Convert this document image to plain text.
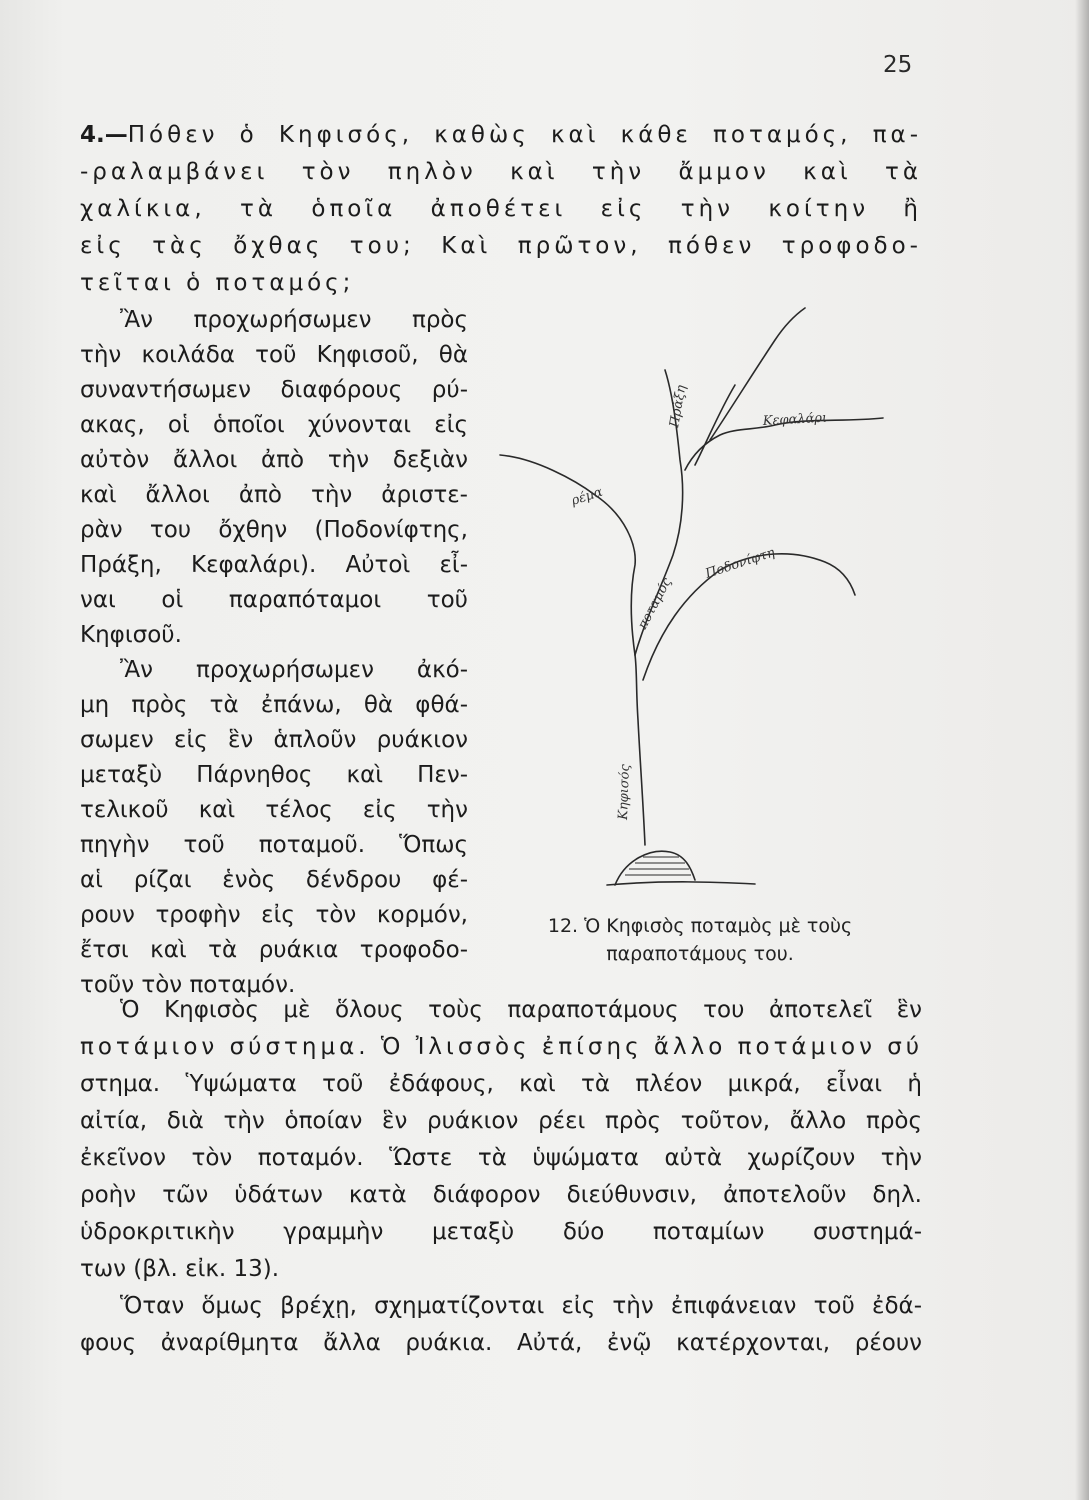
25
4.—Πόθεν ὁ Κηφισός, καθὼς καὶ κάθε ποταμός, πα-
-ραλαμβάνει τὸν πηλὸν καὶ τὴν ἄμμον καὶ τὰ
χαλίκια, τὰ ὁποῖα ἀποθέτει εἰς τὴν κοίτην ἢ
εἰς τὰς ὄχθας του; Καὶ πρῶτον, πόθεν τροφοδο-
τεῖται ὁ ποταμός;
Ἂν προχωρήσωμεν πρὸς
τὴν κοιλάδα τοῦ Κηφισοῦ, θὰ
συναντήσωμεν διαφόρους ρύ-
ακας, οἱ ὁποῖοι χύνονται εἰς
αὐτὸν ἄλλοι ἀπὸ τὴν δεξιὰν
καὶ ἄλλοι ἀπὸ τὴν ἀριστε-
ρὰν του ὄχθην (Ποδονίφτης,
Πράξη, Κεφαλάρι). Αὐτοὶ εἶ-
ναι οἱ παραπόταμοι τοῦ
Κηφισοῦ.
Ἂν προχωρήσωμεν ἀκό-
μη πρὸς τὰ ἐπάνω, θὰ φθά-
σωμεν εἰς ἓν ἁπλοῦν ρυάκιον
μεταξὺ Πάρνηθος καὶ Πεν-
τελικοῦ καὶ τέλος εἰς τὴν
πηγὴν τοῦ ποταμοῦ. Ὅπως
αἱ ρίζαι ἑνὸς δένδρου φέ-
ρουν τροφὴν εἰς τὸν κορμόν,
ἔτσι καὶ τὰ ρυάκια τροφοδο-
τοῦν τὸν ποταμόν.
Πράξη	Κεφαλάρι
ρέμα
ποταμός
Ποδονίφτη
Κηφισός
12. Ὁ Κηφισὸς ποταμὸς μὲ τοὺς
παραποτάμους του.
Ὁ Κηφισὸς μὲ ὅλους τοὺς παραποτάμους του ἀποτελεῖ ἓν
ποτάμιον σύστημα. Ὁ Ἰλισσὸς ἐπίσης ἄλλο ποτάμιον σύ
στημα. Ὑψώματα τοῦ ἐδάφους, καὶ τὰ πλέον μικρά, εἶναι ἡ
αἰτία, διὰ τὴν ὁποίαν ἓν ρυάκιον ρέει πρὸς τοῦτον, ἄλλο πρὸς
ἐκεῖνον τὸν ποταμόν. Ὥστε τὰ ὑψώματα αὐτὰ χωρίζουν τὴν
ροὴν τῶν ὑδάτων κατὰ διάφορον διεύθυνσιν, ἀποτελοῦν δηλ.
ὑδροκριτικὴν γραμμὴν μεταξὺ δύο ποταμίων συστημά-
των (βλ. εἰκ. 13).
Ὅταν ὅμως βρέχῃ, σχηματίζονται εἰς τὴν ἐπιφάνειαν τοῦ ἐδά-
φους ἀναρίθμητα ἄλλα ρυάκια. Αὐτά, ἐνῷ κατέρχονται, ρέουν
